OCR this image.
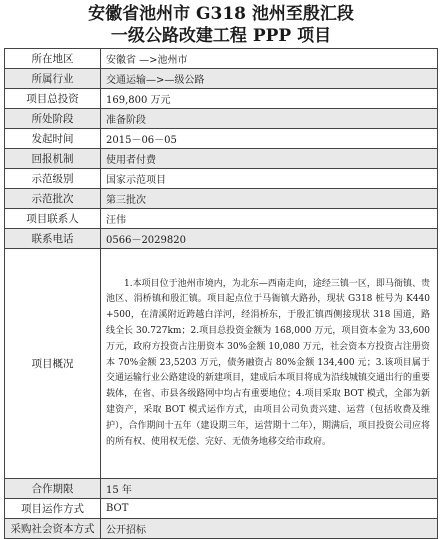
安徽省池州市 G318 池州至殷汇段
一级公路改建工程 PPP 项目
所在地区	安徽省 —>池州市
所属行业	交通运输—>—级公路
项目总投资	169,800 万元
所处阶段	准备阶段
发起时间	2015－06－05
回报机制	使用者付费
示范级别	国家示范项目
示范批次	第三批次
项目联系人	汪伟
联系电话	0566－2029820
项目概况	1.本项目位于池州市境内，为北东—西南走向，途经三镇一区，即马衙镇、贵池区、涓桥镇和殷汇镇。项目起点位于马衙镇大路孙，现状 G318 桩号为 K440+500，在清溪附近跨越白洋河，经涓桥东，于殷汇镇西侧接现状 318 国道，路线全长 30.727km；2.项目总投资金额为 168,000 万元，项目资本金为 33,600 万元，政府方投资占注册资本 30%金额 10,080 万元，社会资本方投资占注册资本 70%金额 23,5203 万元，债务融资占 80%金额 134,400 元；3.该项目属于交通运输行业公路建设的新建项目，建成后本项目将成为沿线城镇交通出行的重要载体，在省、市县各级路网中均占有重要地位；4.项目采取 BOT 模式，全部为新建资产，采取 BOT 模式运作方式，由项目公司负责兴建、运营（包括收费及维护），合作期间十五年（建设期三年，运营期十二年），期满后，项目投资公司应将的所有权、使用权无偿、完好、无债务地移交给市政府。

合作期限	15 年
项目运作方式	BOT
采购社会资本方式	公开招标
